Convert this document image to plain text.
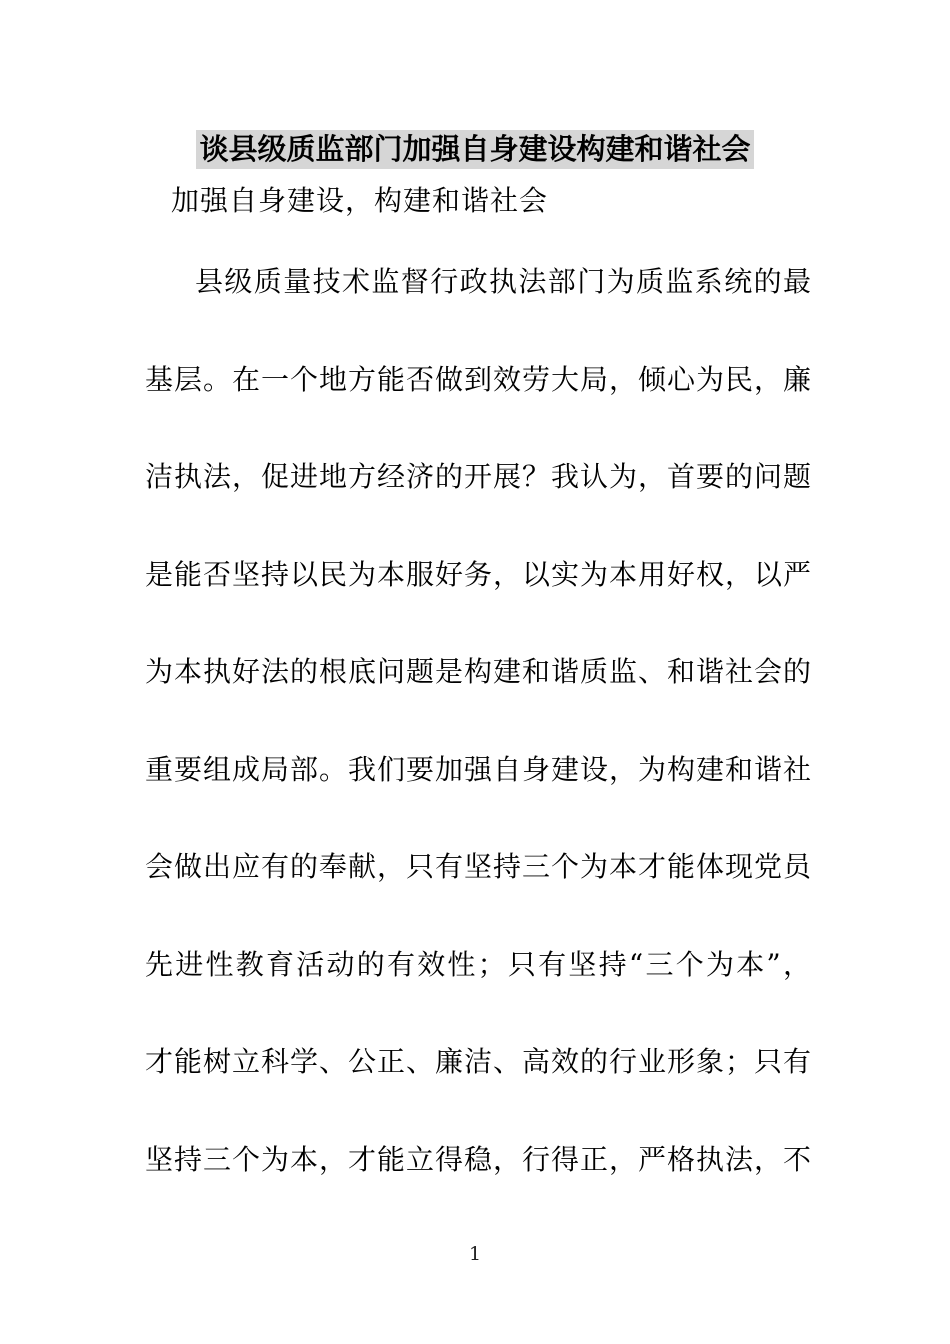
谈县级质监部门加强自身建设构建和谐社会
加强自身建设，构建和谐社会
县级质量技术监督行政执法部门为质监系统的最
基层。在一个地方能否做到效劳大局，倾心为民，廉
洁执法，促进地方经济的开展？我认为，首要的问题
是能否坚持以民为本服好务，以实为本用好权，以严
为本执好法的根底问题是构建和谐质监、和谐社会的
重要组成局部。我们要加强自身建设，为构建和谐社
会做出应有的奉献，只有坚持三个为本才能体现党员
先进性教育活动的有效性；只有坚持“三个为本”，
才能树立科学、公正、廉洁、高效的行业形象；只有
坚持三个为本，才能立得稳，行得正，严格执法，不
1
